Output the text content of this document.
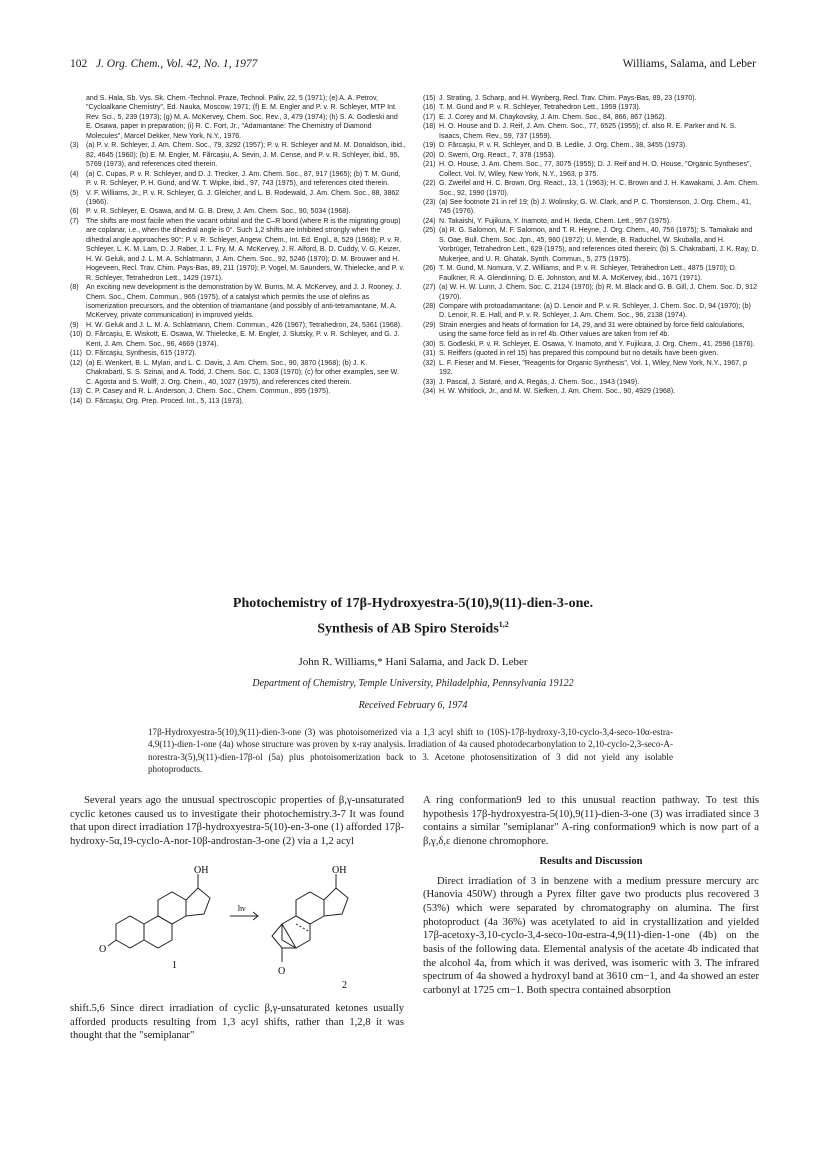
102 J. Org. Chem., Vol. 42, No. 1, 1977	Williams, Salama, and Leber
and S. Hala, Sb. Vys. Sk. Chem.-Technol. Praze, Technol. Paliv, 22, 5 (1971); (e) A. A. Petrov, "Cycloalkane Chemistry", Ed. Nauka, Moscow, 1971; (f) E. M. Engler and P. v. R. Schleyer, MTP Int. Rev. Sci., 5, 239 (1973); (g) M. A. McKervey, Chem. Soc. Rev., 3, 479 (1974); (h) S. A. Godleski and E. Osawa, paper in preparation; (i) R. C. Fort, Jr., "Adamantane: The Chemistry of Diamond Molecules", Marcel Dekker, New York, N.Y., 1976.
(3)	(a) P. v. R. Schleyer, J. Am. Chem. Soc., 79, 3292 (1957); P. v. R. Schleyer and M. M. Donaldson, ibid., 82, 4645 (1960); (b) E. M. Engler, M. Fărcaşiu, A. Sevin, J. M. Cense, and P. v. R. Schleyer, ibid., 95, 5769 (1973), and references cited therein.
(4)	(a) C. Cupas, P. v. R. Schleyer, and D. J. Trecker, J. Am. Chem. Soc., 87, 917 (1965); (b) T. M. Gund, P. v. R. Schleyer, P. H. Gund, and W. T. Wipke, ibid., 97, 743 (1975), and references cited therein.
(5)	V. F. Williams, Jr., P. v. R. Schleyer, G. J. Gleicher, and L. B. Rodewald, J. Am. Chem. Soc., 88, 3862 (1966).
(6)	P. v. R. Schleyer, E. Osawa, and M. G. B. Drew, J. Am. Chem. Soc., 90, 5034 (1968).
(7)	The shifts are most facile when the vacant orbital and the C–R bond (where R is the migrating group) are coplanar, i.e., when the dihedral angle is 0°. Such 1,2 shifts are inhibited strongly when the dihedral angle approaches 90°: P. v. R. Schleyer, Angew. Chem., Int. Ed. Engl., 8, 529 (1968); P. v. R. Schleyer, L. K. M. Lam, D. J. Raber, J. L. Fry, M. A. McKervey, J. R. Alford, B. D. Cuddy, V. G. Keizer, H. W. Geluk, and J. L. M. A. Schlatmann, J. Am. Chem. Soc., 92, 5246 (1970); D. M. Brouwer and H. Hogeveen, Recl. Trav. Chim. Pays-Bas, 89, 211 (1970); P. Vogel, M. Saunders, W. Thielecke, and P. v. R. Schleyer, Tetrahedron Lett., 1429 (1971).
(8)	An exciting new development is the demonstration by W. Burns, M. A. McKervey, and J. J. Rooney, J. Chem. Soc., Chem. Commun., 965 (1975), of a catalyst which permits the use of olefins as isomerization precursors, and the obtention of triamantane (and possibly of anti-tetramantane, M. A. McKervey, private communication) in improved yields.
(9)	H. W. Geluk and J. L. M. A. Schlatmann, Chem. Commun., 426 (1967); Tetrahedron, 24, 5361 (1968).
(10) D. Fărcaşiu, E. Wiskott, E. Osawa, W. Thielecke, E. M. Engler, J. Slutsky, P. v. R. Schleyer, and G. J. Kent, J. Am. Chem. Soc., 96, 4669 (1974).
(11) D. Fărcaşiu, Synthesis, 615 (1972).
(12) (a) E. Wenkert, B. L. Mylari, and L. C. Davis, J. Am. Chem. Soc., 90, 3870 (1968); (b) J. K. Chakrabarti, S. S. Szinai, and A. Todd, J. Chem. Soc. C, 1303 (1970); (c) for other examples, see W. C. Agosta and S. Wolff, J. Org. Chem., 40, 1027 (1975), and references cited therein.
(13) C. P. Casey and R. L. Anderson, J. Chem. Soc., Chem. Commun., 895 (1975).
(14) D. Fărcaşiu, Org. Prep. Proced. Int., 5, 113 (1973).
(15) J. Strating, J. Scharp, and H. Wynberg, Recl. Trav. Chim. Pays-Bas, 89, 23 (1970).
(16) T. M. Gund and P. v. R. Schleyer, Tetrahedron Lett., 1959 (1973).
(17) E. J. Corey and M. Chaykovsky, J. Am. Chem. Soc., 84, 866, 867 (1962).
(18) H. O. House and D. J. Reif, J. Am. Chem. Soc., 77, 6525 (1955); cf. also R. E. Parker and N. S. Isaacs, Chem. Rev., 59, 737 (1959).
(19) D. Fărcaşiu, P. v. R. Schleyer, and D. B. Ledlie, J. Org. Chem., 38, 3455 (1973).
(20) D. Swern, Org. React., 7, 378 (1953).
(21) H. O. House, J. Am. Chem. Soc., 77, 3075 (1955); D. J. Reif and H. O. House, "Organic Syntheses", Collect. Vol. IV, Wiley, New York, N.Y., 1963, p 375.
(22) G. Zweifel and H. C. Brown, Org. React., 13, 1 (1963); H. C. Brown and J. H. Kawakami, J. Am. Chem. Soc., 92, 1990 (1970).
(23) (a) See footnote 21 in ref 19; (b) J. Wolinsky, G. W. Clark, and P. C. Thorstenson, J. Org. Chem., 41, 745 (1976).
(24) N. Takaishi, Y. Fujikura, Y. Inamoto, and H. Ikeda, Chem. Lett., 957 (1975).
(25) (a) R. G. Salomon, M. F. Salomon, and T. R. Heyne, J. Org. Chem., 40, 756 (1975); S. Tamakaki and S. Oae, Bull. Chem. Soc. Jpn., 45, 960 (1972); U. Mende, B. Raduchel, W. Skuballa, and H. Vorbrüger, Tetrahedron Lett., 629 (1975), and references cited therein; (b) S. Chakrabarti, J. K. Ray, D. Mukerjee, and U. R. Ghatak, Synth. Commun., 5, 275 (1975).
(26) T. M. Gund, M. Nomura, V. Z. Williams, and P. v. R. Schleyer, Tetrahedron Lett., 4875 (1970); D. Faulkner, R. A. Glendinning, D. E. Johnston, and M. A. McKervey, ibid., 1671 (1971).
(27) (a) W. H. W. Lunn, J. Chem. Soc. C, 2124 (1970); (b) R. M. Black and G. B. Gill, J. Chem. Soc. D, 912 (1970).
(28) Compare with protoadamantane: (a) D. Lenoir and P. v. R. Schleyer, J. Chem. Soc. D, 94 (1970); (b) D. Lenoir, R. E. Hall, and P. v. R. Schleyer, J. Am. Chem. Soc., 96, 2138 (1974).
(29) Strain energies and heats of formation for 14, 29, and 31 were obtained by force field calculations, using the same force field as in ref 4b. Other values are taken from ref 4b.
(30) S. Godleski, P. v. R. Schleyer, E. Osawa, Y. Inamoto, and Y. Fujikura, J. Org. Chem., 41, 2596 (1976).
(31) S. Reiffers (quoted in ref 15) has prepared this compound but no details have been given.
(32) L. F. Fieser and M. Fieser, "Reagents for Organic Synthesis", Vol. 1, Wiley, New York, N.Y., 1967, p 192.
(33) J. Pascal, J. Sistaré, and A. Regàs, J. Chem. Soc., 1943 (1949).
(34) H. W. Whitlock, Jr., and M. W. Siefken, J. Am. Chem. Soc., 90, 4929 (1968).
Photochemistry of 17β-Hydroxyestra-5(10),9(11)-dien-3-one.
Synthesis of AB Spiro Steroids$^{1,2}$
John R. Williams,* Hani Salama, and Jack D. Leber
Department of Chemistry, Temple University, Philadelphia, Pennsylvania 19122
Received February 6, 1974
17β-Hydroxyestra-5(10),9(11)-dien-3-one (3) was photoisomerized via a 1,3 acyl shift to (10S)-17β-hydroxy-3,10-cyclo-3,4-seco-10α-estra-4,9(11)-dien-1-one (4a) whose structure was proven by x-ray analysis. Irradiation of 4a caused photodecarbonylation to 2,10-cyclo-2,3-seco-A-norestra-3(5),9(11)-dien-17β-ol (5a) plus photoisomerization back to 3. Acetone photosensitization of 3 did not yield any isolable photoproducts.

Several years ago the unusual spectroscopic properties of β,γ-unsaturated cyclic ketones caused us to investigate their photochemistry.3-7 It was found that upon direct irradiation 17β-hydroxyestra-5(10)-en-3-one (1) afforded 17β-hydroxy-5α,19-cyclo-A-nor-10β-androstan-3-one (2) via a 1,2 acyl

OH	OH
O
O
1
2
hν

shift.5,6 Since direct irradiation of cyclic β,γ-unsaturated ketones usually afforded products resulting from 1,3 acyl shifts, rather than 1,2,8 it was thought that the "semiplanar"

A ring conformation9 led to this unusual reaction pathway. To test this hypothesis 17β-hydroxyestra-5(10),9(11)-dien-3-one (3) was irradiated since 3 contains a similar "semiplanar" A-ring conformation9 which is now part of a β,γ,δ,ε dienone chromophore.

Results and Discussion

Direct irradiation of 3 in benzene with a medium pressure mercury arc (Hanovia 450W) through a Pyrex filter gave two products plus recovered 3 (53%) which were separated by chromatography on alumina. The first photoproduct (4a 36%) was acetylated to aid in crystallization and yielded 17β-acetoxy-3,10-cyclo-3,4-seco-10α-estra-4,9(11)-dien-1-one (4b) on the basis of the following data. Elemental analysis of the acetate 4b indicated that the alcohol 4a, from which it was derived, was isomeric with 3. The infrared spectrum of 4a showed a hydroxyl band at 3610 cm−1, and 4a showed an ester carbonyl at 1725 cm−1. Both spectra contained absorption
